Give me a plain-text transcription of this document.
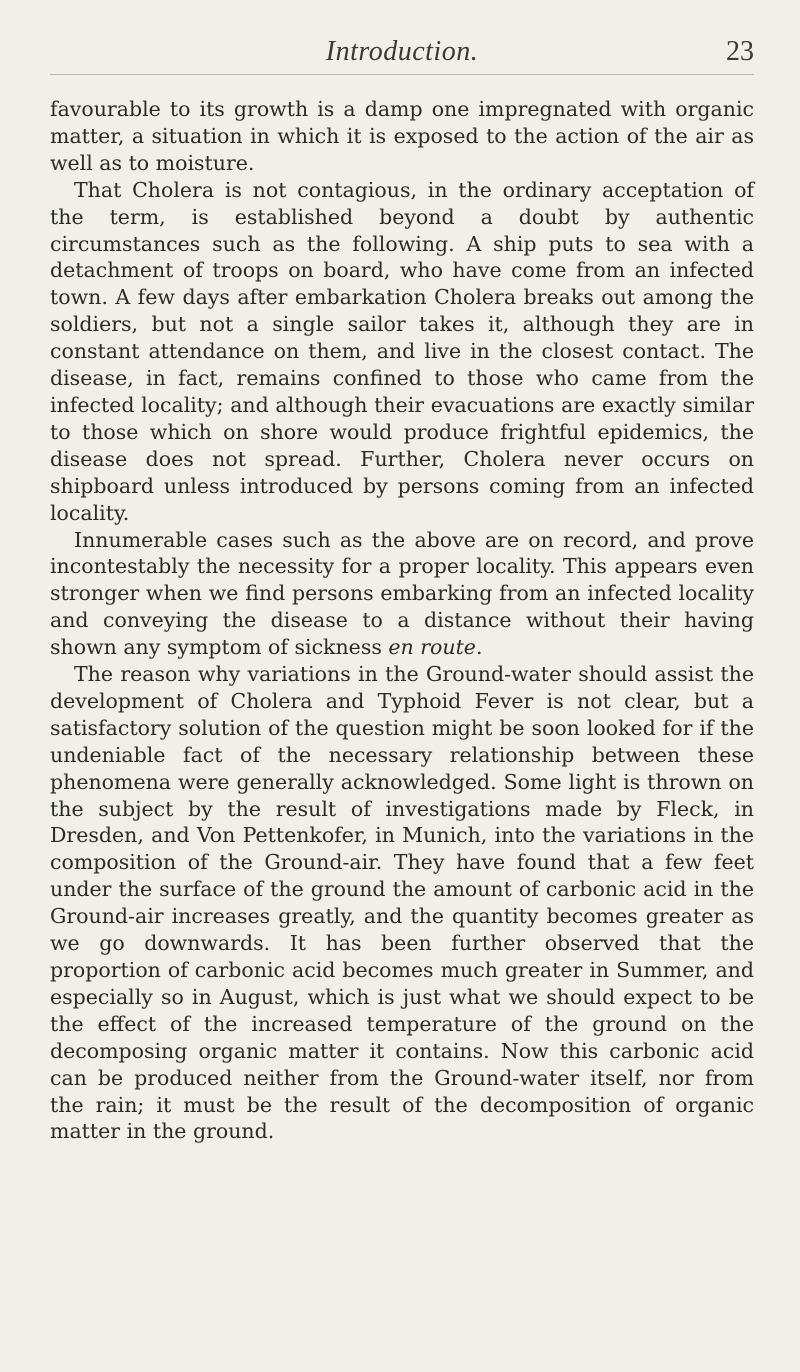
Introduction.	23

favourable to its growth is a damp one impregnated with organic matter, a situation in which it is exposed to the action of the air as well as to moisture.

That Cholera is not contagious, in the ordinary acceptation of the term, is established beyond a doubt by authentic circumstances such as the following. A ship puts to sea with a detachment of troops on board, who have come from an infected town. A few days after embarkation Cholera breaks out among the soldiers, but not a single sailor takes it, although they are in constant attendance on them, and live in the closest contact. The disease, in fact, remains confined to those who came from the infected locality; and although their evacuations are exactly similar to those which on shore would produce frightful epidemics, the disease does not spread. Further, Cholera never occurs on shipboard unless introduced by persons coming from an infected locality.

Innumerable cases such as the above are on record, and prove incontestably the necessity for a proper locality. This appears even stronger when we find persons embarking from an infected locality and conveying the disease to a distance without their having shown any symptom of sickness en route.

The reason why variations in the Ground-water should assist the development of Cholera and Typhoid Fever is not clear, but a satisfactory solution of the question might be soon looked for if the undeniable fact of the necessary relationship between these phenomena were generally acknowledged. Some light is thrown on the subject by the result of investigations made by Fleck, in Dresden, and Von Pettenkofer, in Munich, into the variations in the composition of the Ground-air. They have found that a few feet under the surface of the ground the amount of carbonic acid in the Ground-air increases greatly, and the quantity becomes greater as we go downwards. It has been further observed that the proportion of carbonic acid becomes much greater in Summer, and especially so in August, which is just what we should expect to be the effect of the increased temperature of the ground on the decomposing organic matter it contains. Now this carbonic acid can be produced neither from the Ground-water itself, nor from the rain; it must be the result of the decomposition of organic matter in the ground.
